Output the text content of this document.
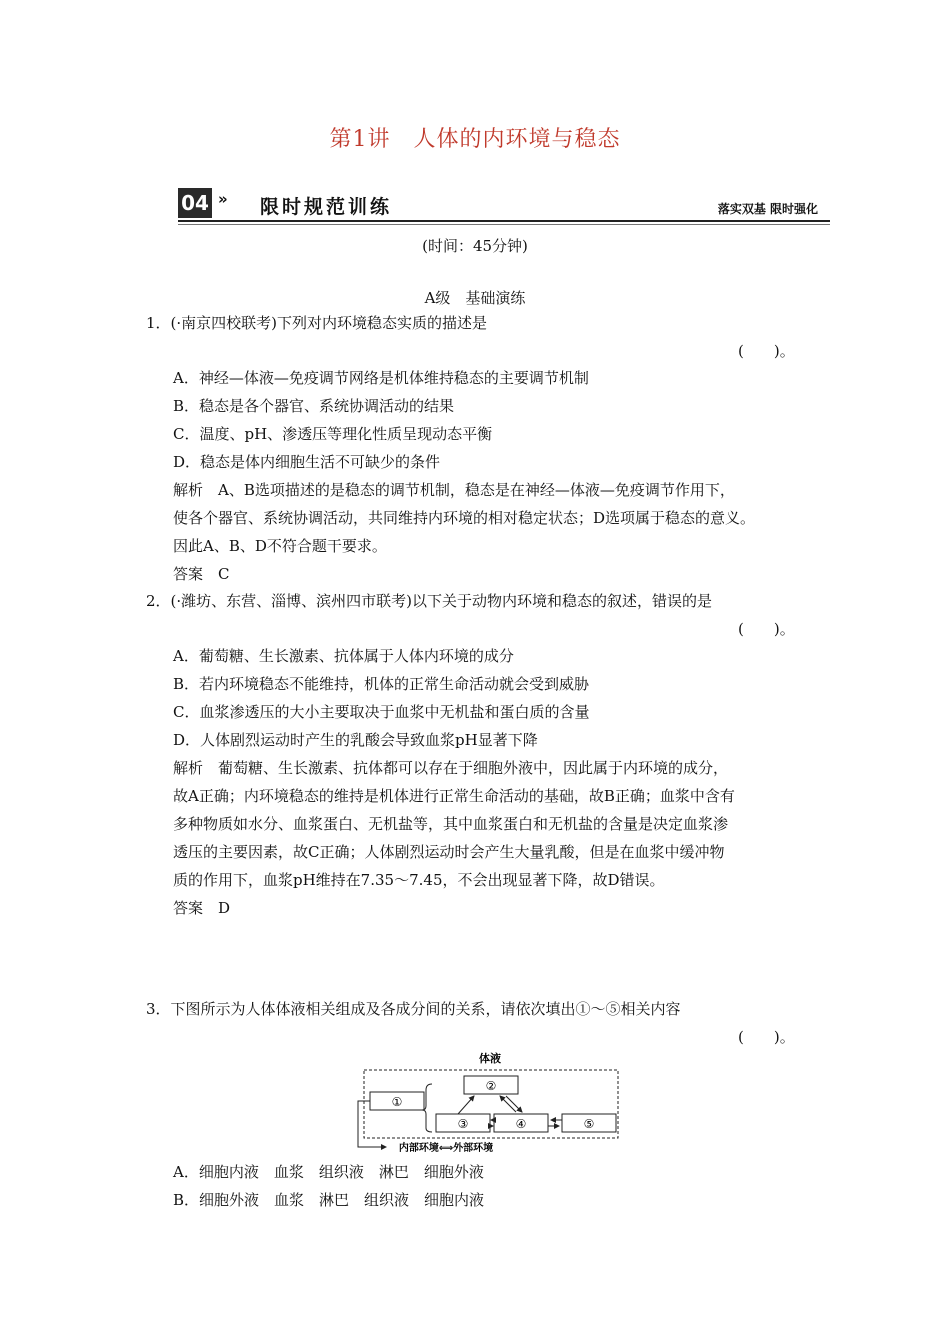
第1讲　人体的内环境与稳态
04 » 限时规范训练	落实双基 限时强化
(时间：45分钟)
A级　基础演练
1．(·南京四校联考)下列对内环境稳态实质的描述是
(　　)。
A．神经—体液—免疫调节网络是机体维持稳态的主要调节机制
B．稳态是各个器官、系统协调活动的结果
C．温度、pH、渗透压等理化性质呈现动态平衡
D．稳态是体内细胞生活不可缺少的条件
解析　A、B选项描述的是稳态的调节机制，稳态是在神经—体液—免疫调节作用下，
使各个器官、系统协调活动，共同维持内环境的相对稳定状态；D选项属于稳态的意义。
因此A、B、D不符合题干要求。
答案　C
2．(·潍坊、东营、淄博、滨州四市联考)以下关于动物内环境和稳态的叙述，错误的是
(　　)。
A．葡萄糖、生长激素、抗体属于人体内环境的成分
B．若内环境稳态不能维持，机体的正常生命活动就会受到威胁
C．血浆渗透压的大小主要取决于血浆中无机盐和蛋白质的含量
D．人体剧烈运动时产生的乳酸会导致血浆pH显著下降
解析　葡萄糖、生长激素、抗体都可以存在于细胞外液中，因此属于内环境的成分，
故A正确；内环境稳态的维持是机体进行正常生命活动的基础，故B正确；血浆中含有
多种物质如水分、血浆蛋白、无机盐等，其中血浆蛋白和无机盐的含量是决定血浆渗
透压的主要因素，故C正确；人体剧烈运动时会产生大量乳酸，但是在血浆中缓冲物
质的作用下，血浆pH维持在7.35～7.45，不会出现显著下降，故D错误。
答案　D
3．下图所示为人体体液相关组成及各成分间的关系，请依次填出①～⑤相关内容
(　　)。
体液
①
②
③	④	⑤
内部环境⟺外部环境
A．细胞内液　血浆　组织液　淋巴　细胞外液
B．细胞外液　血浆　淋巴　组织液　细胞内液
